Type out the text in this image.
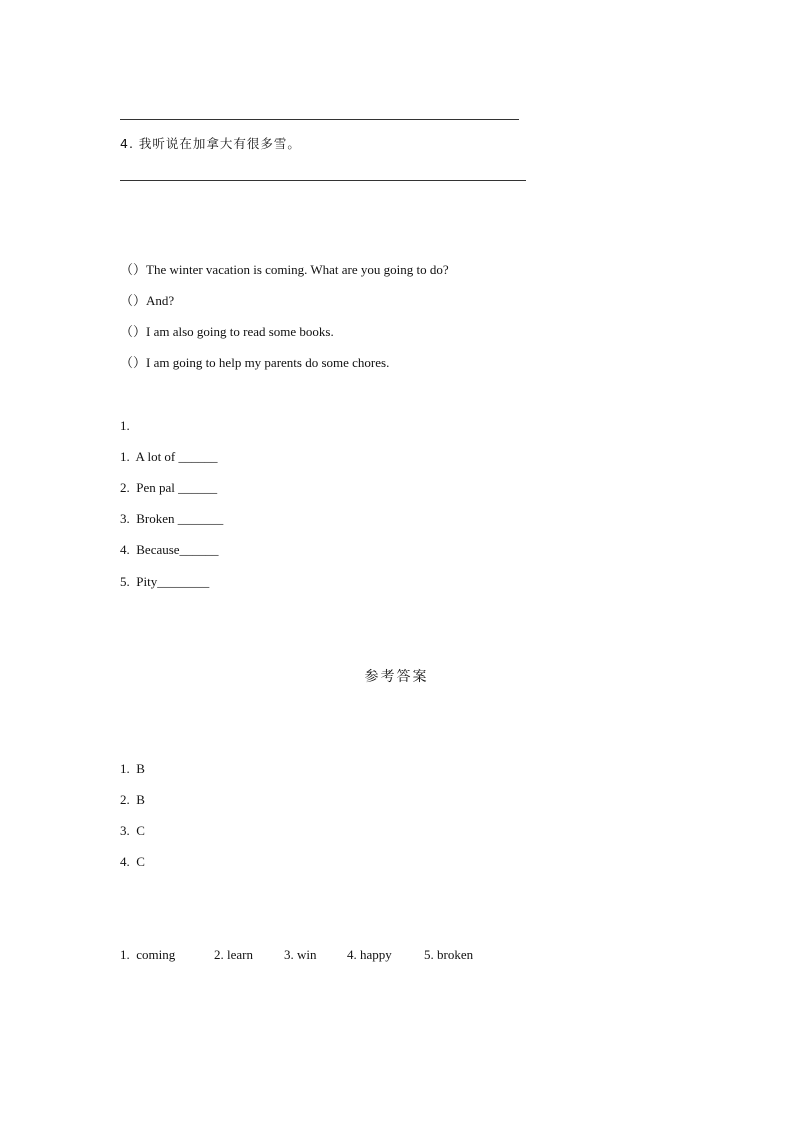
4. 我听说在加拿大有很多雪。
（）The winter vacation is coming. What are you going to do?
（）And?
（）I am also going to read some books.
（）I am going to help my parents do some chores.
1.
1.  A lot of ______
2.  Pen pal ______
3.  Broken _______
4.  Because______
5.  Pity________
参考答案
1.  B
2.  B
3.  C
4.  C
1.  coming	2. learn 3. win 4. happy 5. broken
